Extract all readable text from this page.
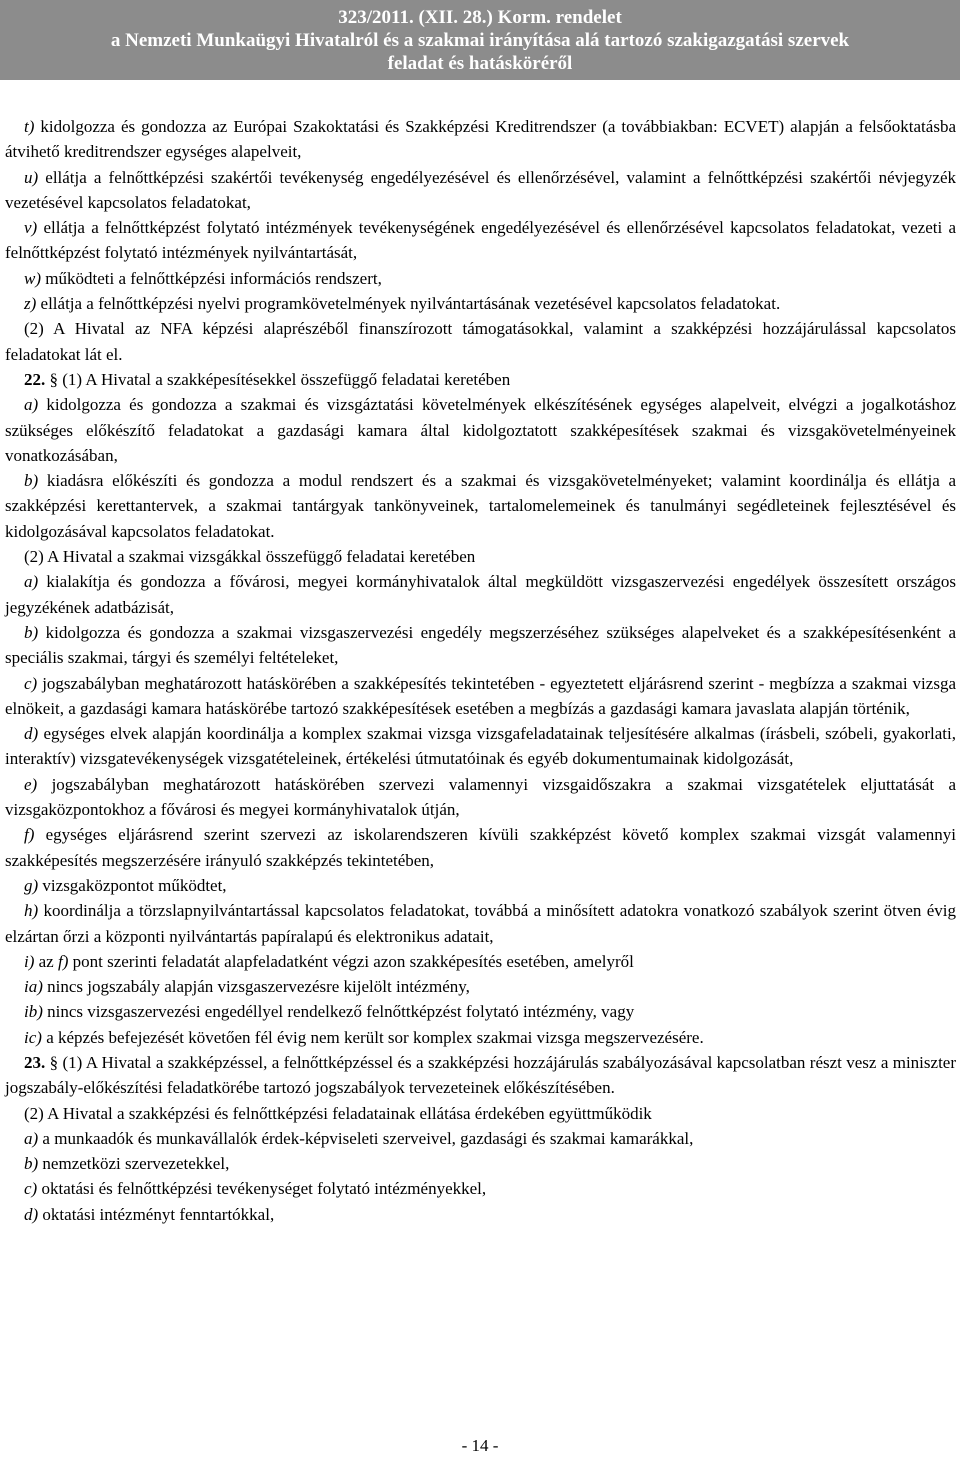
323/2011. (XII. 28.) Korm. rendelet
a Nemzeti Munkaügyi Hivatalról és a szakmai irányítása alá tartozó szakigazgatási szervek
feladat és hatásköréről

t) kidolgozza és gondozza az Európai Szakoktatási és Szakképzési Kreditrendszer (a továbbiakban: ECVET) alapján a felsőoktatásba átvihető kreditrendszer egységes alapelveit,

u) ellátja a felnőttképzési szakértői tevékenység engedélyezésével és ellenőrzésével, valamint a felnőttképzési szakértői névjegyzék vezetésével kapcsolatos feladatokat,

v) ellátja a felnőttképzést folytató intézmények tevékenységének engedélyezésével és ellenőrzésével kapcsolatos feladatokat, vezeti a felnőttképzést folytató intézmények nyilvántartását,

w) működteti a felnőttképzési információs rendszert,

z) ellátja a felnőttképzési nyelvi programkövetelmények nyilvántartásának vezetésével kapcsolatos feladatokat.

(2) A Hivatal az NFA képzési alaprészéből finanszírozott támogatásokkal, valamint a szakképzési hozzájárulással kapcsolatos feladatokat lát el.

22. § (1) A Hivatal a szakképesítésekkel összefüggő feladatai keretében

a) kidolgozza és gondozza a szakmai és vizsgáztatási követelmények elkészítésének egységes alapelveit, elvégzi a jogalkotáshoz szükséges előkészítő feladatokat a gazdasági kamara által kidolgoztatott szakképesítések szakmai és vizsgakövetelményeinek vonatkozásában,

b) kiadásra előkészíti és gondozza a modul rendszert és a szakmai és vizsgakövetelményeket; valamint koordinálja és ellátja a szakképzési kerettantervek, a szakmai tantárgyak tankönyveinek, tartalomelemeinek és tanulmányi segédleteinek fejlesztésével és kidolgozásával kapcsolatos feladatokat.

(2) A Hivatal a szakmai vizsgákkal összefüggő feladatai keretében

a) kialakítja és gondozza a fővárosi, megyei kormányhivatalok által megküldött vizsgaszervezési engedélyek összesített országos jegyzékének adatbázisát,

b) kidolgozza és gondozza a szakmai vizsgaszervezési engedély megszerzéséhez szükséges alapelveket és a szakképesítésenként a speciális szakmai, tárgyi és személyi feltételeket,

c) jogszabályban meghatározott hatáskörében a szakképesítés tekintetében - egyeztetett eljárásrend szerint - megbízza a szakmai vizsga elnökeit, a gazdasági kamara hatáskörébe tartozó szakképesítések esetében a megbízás a gazdasági kamara javaslata alapján történik,

d) egységes elvek alapján koordinálja a komplex szakmai vizsga vizsgafeladatainak teljesítésére alkalmas (írásbeli, szóbeli, gyakorlati, interaktív) vizsgatevékenységek vizsgatételeinek, értékelési útmutatóinak és egyéb dokumentumainak kidolgozását,

e) jogszabályban meghatározott hatáskörében szervezi valamennyi vizsgaidőszakra a szakmai vizsgatételek eljuttatását a vizsgaközpontokhoz a fővárosi és megyei kormányhivatalok útján,

f) egységes eljárásrend szerint szervezi az iskolarendszeren kívüli szakképzést követő komplex szakmai vizsgát valamennyi szakképesítés megszerzésére irányuló szakképzés tekintetében,

g) vizsgaközpontot működtet,

h) koordinálja a törzslapnyilvántartással kapcsolatos feladatokat, továbbá a minősített adatokra vonatkozó szabályok szerint ötven évig elzártan őrzi a központi nyilvántartás papíralapú és elektronikus adatait,

i) az f) pont szerinti feladatát alapfeladatként végzi azon szakképesítés esetében, amelyről

ia) nincs jogszabály alapján vizsgaszervezésre kijelölt intézmény,

ib) nincs vizsgaszervezési engedéllyel rendelkező felnőttképzést folytató intézmény, vagy

ic) a képzés befejezését követően fél évig nem került sor komplex szakmai vizsga megszervezésére.

23. § (1) A Hivatal a szakképzéssel, a felnőttképzéssel és a szakképzési hozzájárulás szabályozásával kapcsolatban részt vesz a miniszter jogszabály-előkészítési feladatkörébe tartozó jogszabályok tervezeteinek előkészítésében.

(2) A Hivatal a szakképzési és felnőttképzési feladatainak ellátása érdekében együttműködik

a) a munkaadók és munkavállalók érdek-képviseleti szerveivel, gazdasági és szakmai kamarákkal,

b) nemzetközi szervezetekkel,

c) oktatási és felnőttképzési tevékenységet folytató intézményekkel,

d) oktatási intézményt fenntartókkal,

- 14 -
